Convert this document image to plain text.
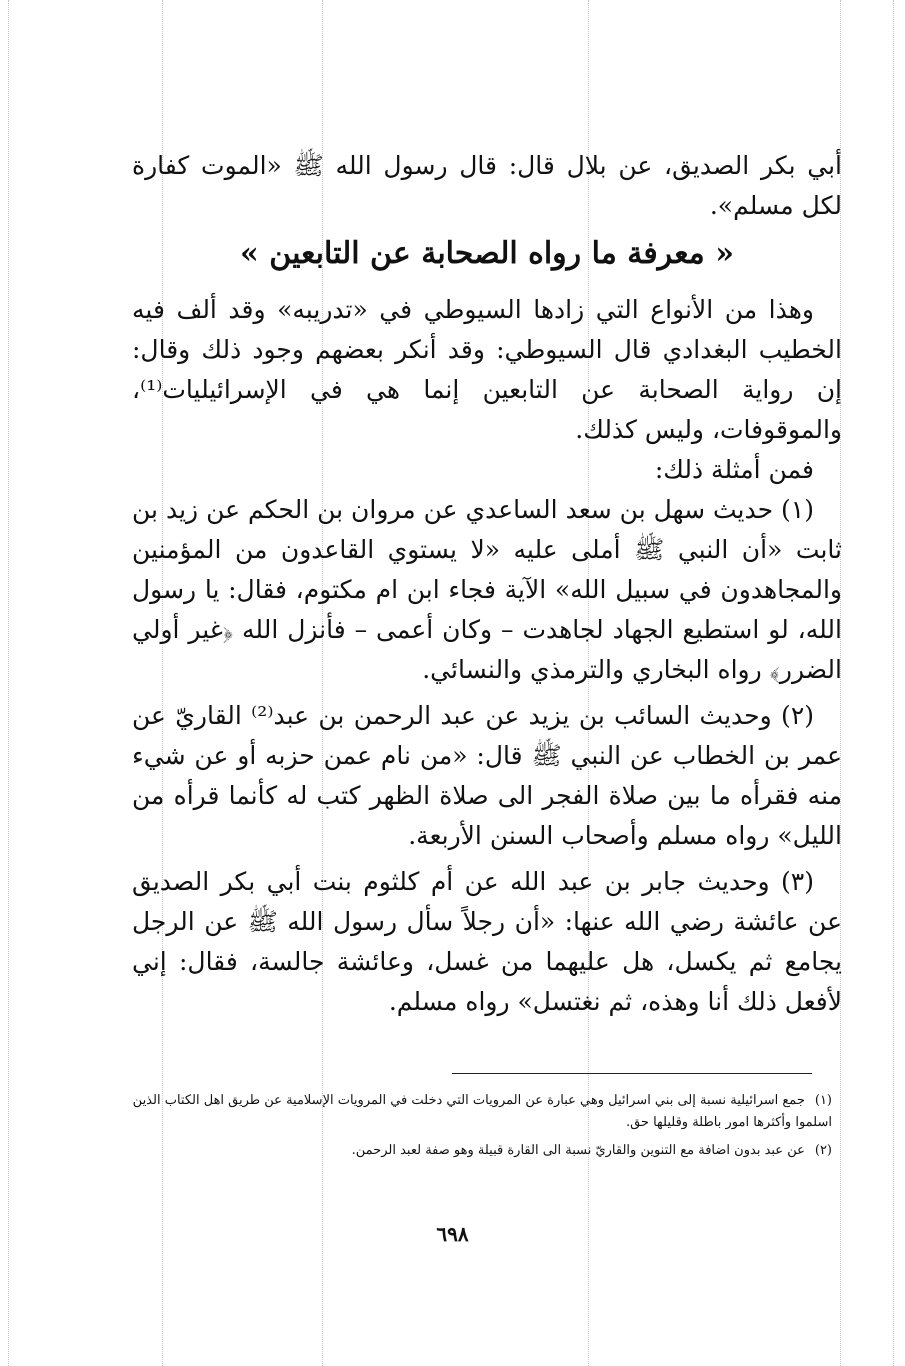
أبي بكر الصديق، عن بلال قال: قال رسول الله ﷺ «الموت كفارة لكل مسلم».

« معرفة ما رواه الصحابة عن التابعين »

وهذا من الأنواع التي زادها السيوطي في «تدريبه» وقد ألف فيه الخطيب البغدادي قال السيوطي: وقد أنكر بعضهم وجود ذلك وقال: إن رواية الصحابة عن التابعين إنما هي في الإسرائيليات⁽¹⁾، والموقوفات، وليس كذلك.

فمن أمثلة ذلك:

(١) حديث سهل بن سعد الساعدي عن مروان بن الحكم عن زيد بن ثابت «أن النبي ﷺ أملى عليه «لا يستوي القاعدون من المؤمنين والمجاهدون في سبيل الله» الآية فجاء ابن ام مكتوم، فقال: يا رسول الله، لو استطيع الجهاد لجاهدت – وكان أعمى – فأنزل الله ﴿غير أولي الضرر﴾ رواه البخاري والترمذي والنسائي.

(٢) وحديث السائب بن يزيد عن عبد الرحمن بن عبد⁽²⁾ القاريّ عن عمر بن الخطاب عن النبي ﷺ قال: «من نام عمن حزبه أو عن شيء منه فقرأه ما بين صلاة الفجر الى صلاة الظهر كتب له كأنما قرأه من الليل» رواه مسلم وأصحاب السنن الأربعة.

(٣) وحديث جابر بن عبد الله عن أم كلثوم بنت أبي بكر الصديق عن عائشة رضي الله عنها: «أن رجلاً سأل رسول الله ﷺ عن الرجل يجامع ثم يكسل، هل عليهما من غسل، وعائشة جالسة، فقال: إني لأفعل ذلك أنا وهذه، ثم نغتسل» رواه مسلم.

(١)جمع اسرائيلية نسبة إلى بني اسرائيل وهي عبارة عن المرويات التي دخلت في المرويات الإسلامية عن طريق اهل الكتاب الذين اسلموا وأكثرها امور باطلة وقليلها حق.

(٢)عن عبد بدون اضافة مع التنوين والقاريّ نسبة الى القارة قبيلة وهو صفة لعبد الرحمن.

٦٩٨
